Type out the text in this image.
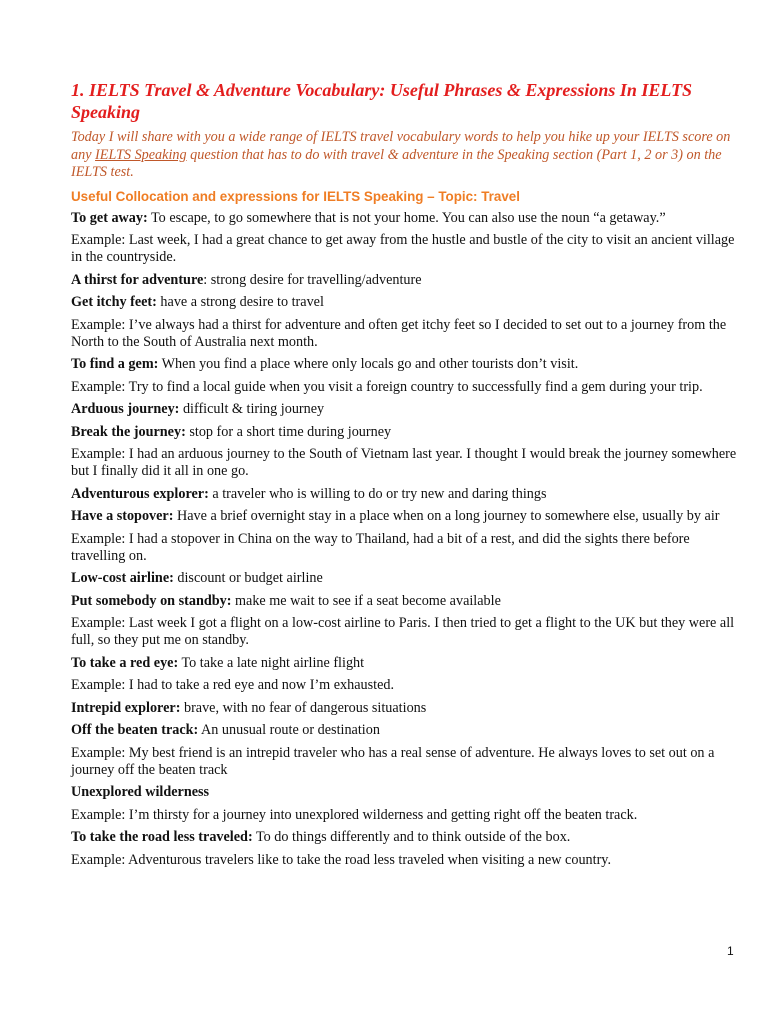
1. IELTS Travel & Adventure Vocabulary: Useful Phrases & Expressions In IELTS Speaking

Today I will share with you a wide range of IELTS travel vocabulary words to help you hike up your IELTS score on any IELTS Speaking question that has to do with travel & adventure in the Speaking section (Part 1, 2 or 3) on the IELTS test.

Useful Collocation and expressions for IELTS Speaking – Topic: Travel

To get away: To escape, to go somewhere that is not your home. You can also use the noun “a getaway.”

Example: Last week, I had a great chance to get away from the hustle and bustle of the city to visit an ancient village in the countryside.

A thirst for adventure: strong desire for travelling/adventure

Get itchy feet: have a strong desire to travel

Example: I’ve always had a thirst for adventure and often get itchy feet so I decided to set out to a journey from the North to the South of Australia next month.

To find a gem: When you find a place where only locals go and other tourists don’t visit.

Example: Try to find a local guide when you visit a foreign country to successfully find a gem during your trip.

Arduous journey: difficult & tiring journey

Break the journey: stop for a short time during journey

Example: I had an arduous journey to the South of Vietnam last year. I thought I would break the journey somewhere but I finally did it all in one go.

Adventurous explorer: a traveler who is willing to do or try new and daring things

Have a stopover: Have a brief overnight stay in a place when on a long journey to somewhere else, usually by air

Example: I had a stopover in China on the way to Thailand, had a bit of a rest, and did the sights there before travelling on.

Low-cost airline: discount or budget airline

Put somebody on standby: make me wait to see if a seat become available

Example: Last week I got a flight on a low-cost airline to Paris. I then tried to get a flight to the UK but they were all full, so they put me on standby.

To take a red eye: To take a late night airline flight

Example: I had to take a red eye and now I’m exhausted.

Intrepid explorer: brave, with no fear of dangerous situations

Off the beaten track: An unusual route or destination

Example: My best friend is an intrepid traveler who has a real sense of adventure. He always loves to set out on a journey off the beaten track

Unexplored wilderness

Example: I’m thirsty for a journey into unexplored wilderness and getting right off the beaten track.

To take the road less traveled: To do things differently and to think outside of the box.

Example: Adventurous travelers like to take the road less traveled when visiting a new country.

1
